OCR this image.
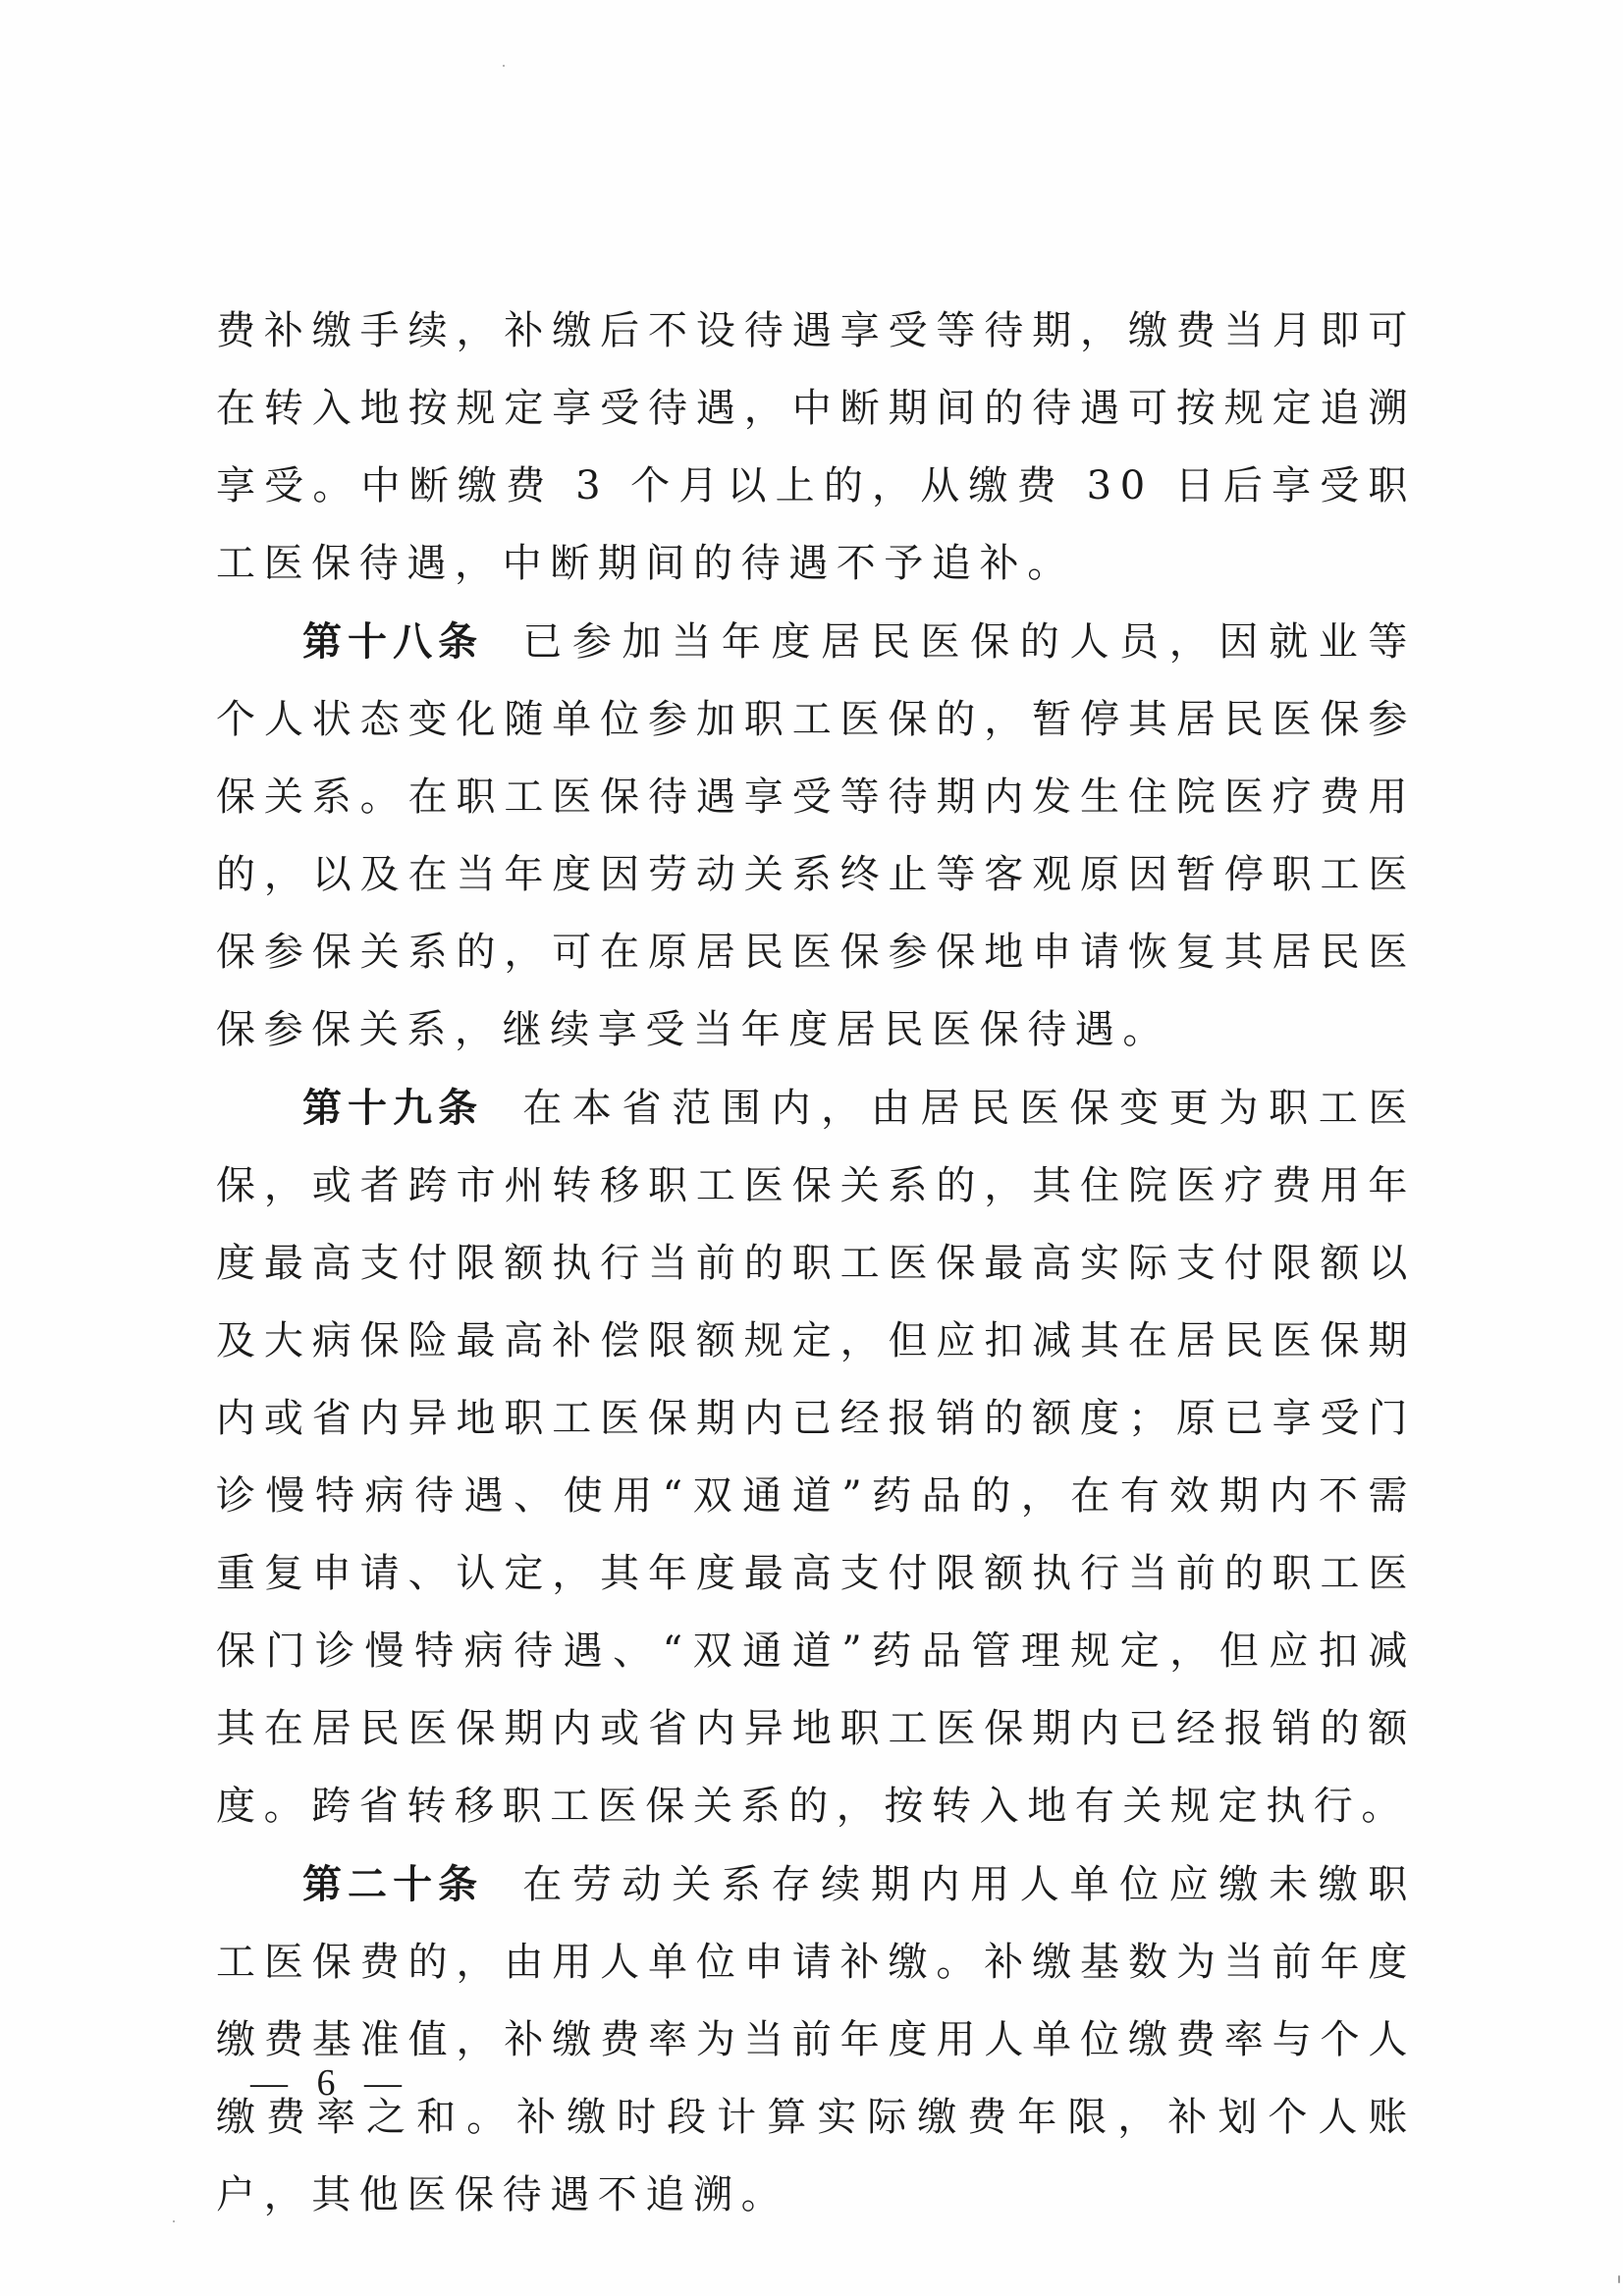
费补缴手续，补缴后不设待遇享受等待期，缴费当月即可在转入地按规定享受待遇，中断期间的待遇可按规定追溯享受。中断缴费 3 个月以上的，从缴费 30 日后享受职工医保待遇，中断期间的待遇不予追补。

第十八条 已参加当年度居民医保的人员，因就业等个人状态变化随单位参加职工医保的，暂停其居民医保参保关系。在职工医保待遇享受等待期内发生住院医疗费用的，以及在当年度因劳动关系终止等客观原因暂停职工医保参保关系的，可在原居民医保参保地申请恢复其居民医保参保关系，继续享受当年度居民医保待遇。

第十九条 在本省范围内，由居民医保变更为职工医保，或者跨市州转移职工医保关系的，其住院医疗费用年度最高支付限额执行当前的职工医保最高实际支付限额以及大病保险最高补偿限额规定，但应扣减其在居民医保期内或省内异地职工医保期内已经报销的额度；原已享受门诊慢特病待遇、使用“双通道”药品的，在有效期内不需重复申请、认定，其年度最高支付限额执行当前的职工医保门诊慢特病待遇、“双通道”药品管理规定，但应扣减其在居民医保期内或省内异地职工医保期内已经报销的额度。跨省转移职工医保关系的，按转入地有关规定执行。

第二十条 在劳动关系存续期内用人单位应缴未缴职工医保费的，由用人单位申请补缴。补缴基数为当前年度缴费基准值，补缴费率为当前年度用人单位缴费率与个人缴费率之和。补缴时段计算实际缴费年限，补划个人账户，其他医保待遇不追溯。

— 6 —
